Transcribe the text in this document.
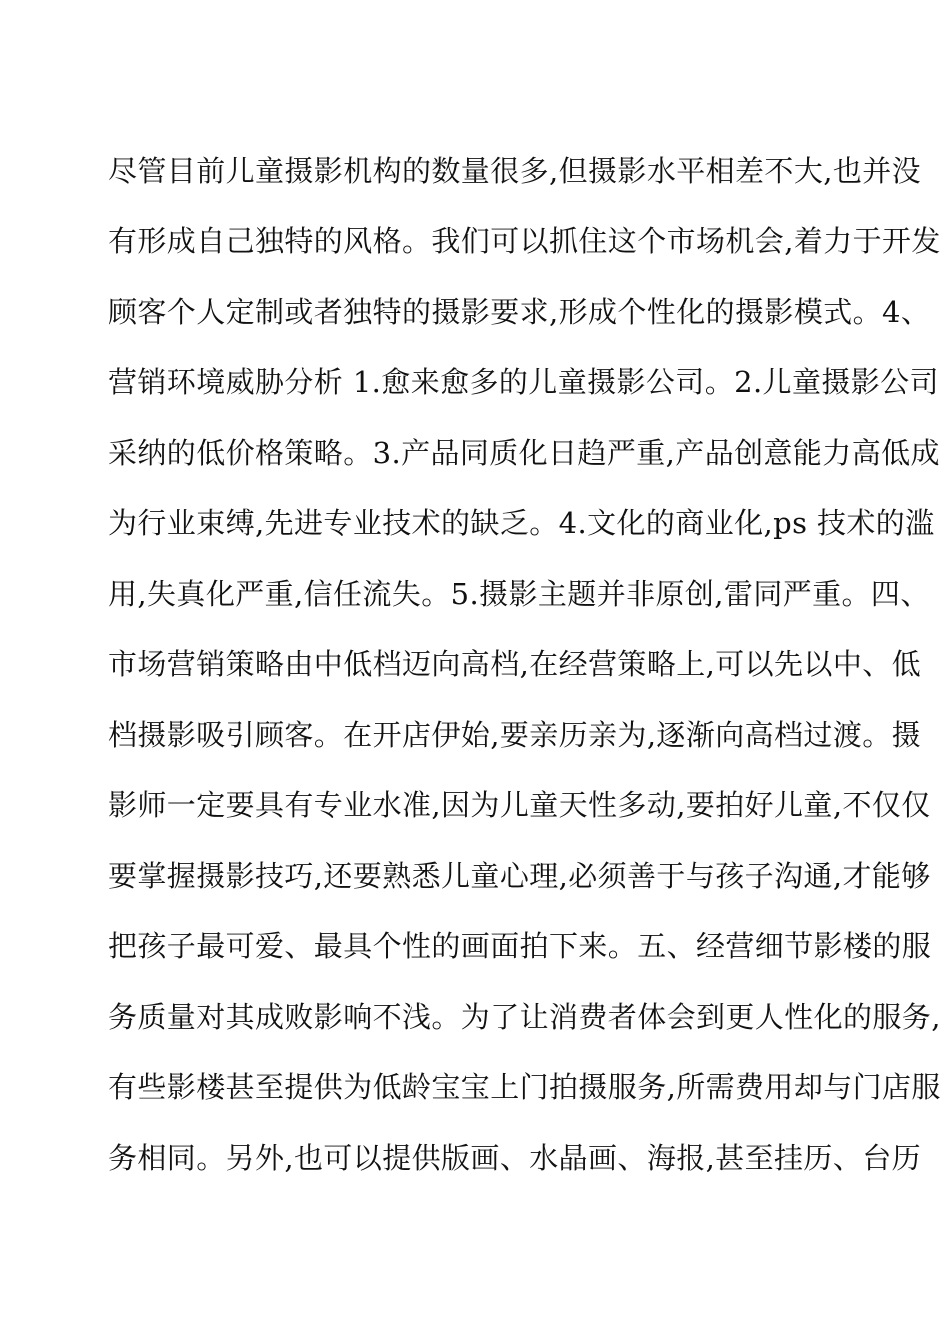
尽管目前儿童摄影机构的数量很多,但摄影水平相差不大,也并没
有形成自己独特的风格。我们可以抓住这个市场机会,着力于开发
顾客个人定制或者独特的摄影要求,形成个性化的摄影模式。4、
营销环境威胁分析 1.愈来愈多的儿童摄影公司。2.儿童摄影公司
采纳的低价格策略。3.产品同质化日趋严重,产品创意能力高低成
为行业束缚,先进专业技术的缺乏。4.文化的商业化,ps 技术的滥
用,失真化严重,信任流失。5.摄影主题并非原创,雷同严重。四、
市场营销策略由中低档迈向高档,在经营策略上,可以先以中、低
档摄影吸引顾客。在开店伊始,要亲历亲为,逐渐向高档过渡。摄
影师一定要具有专业水准,因为儿童天性多动,要拍好儿童,不仅仅
要掌握摄影技巧,还要熟悉儿童心理,必须善于与孩子沟通,才能够
把孩子最可爱、最具个性的画面拍下来。五、经营细节影楼的服
务质量对其成败影响不浅。为了让消费者体会到更人性化的服务,
有些影楼甚至提供为低龄宝宝上门拍摄服务,所需费用却与门店服
务相同。另外,也可以提供版画、水晶画、海报,甚至挂历、台历
